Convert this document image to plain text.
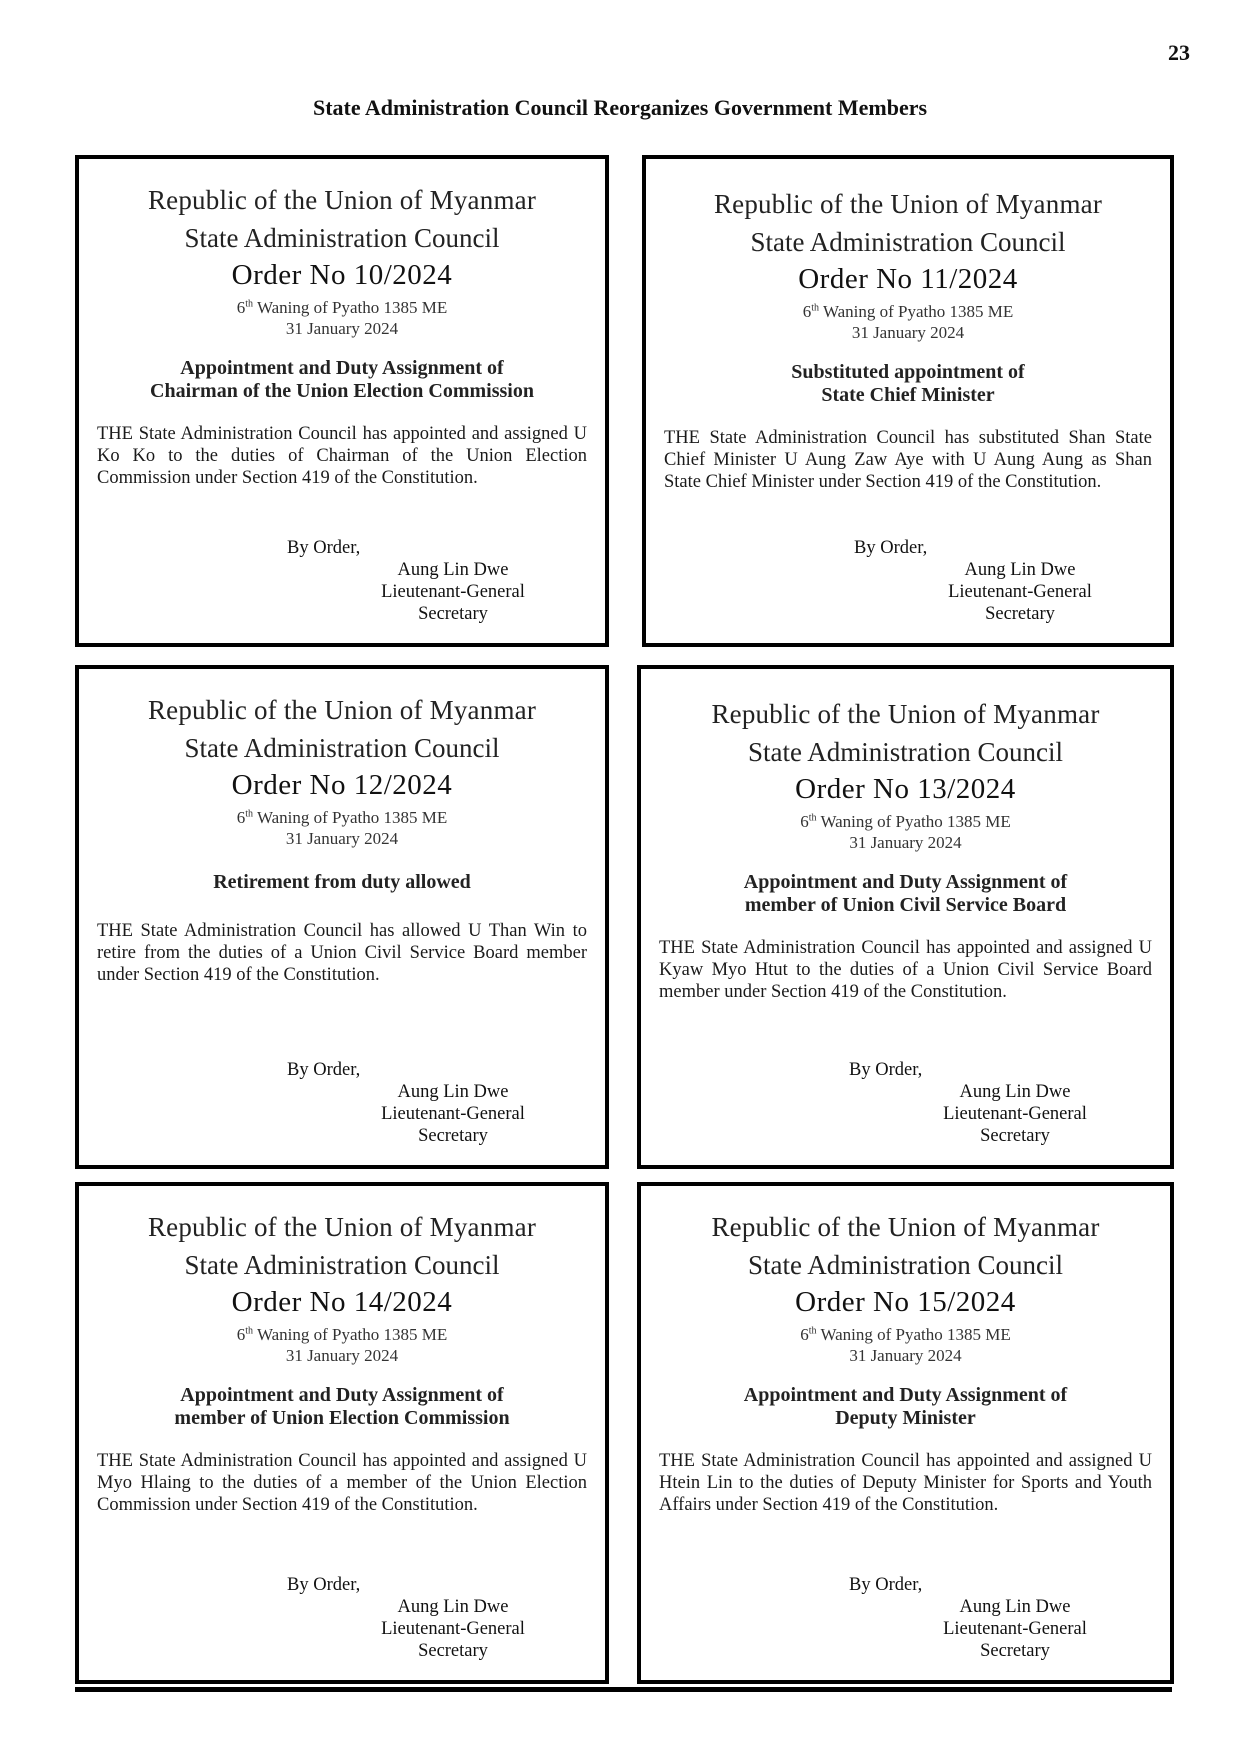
23
State Administration Council Reorganizes Government Members
Republic of the Union of Myanmar
State Administration Council
Order No 10/2024
6th Waning of Pyatho 1385 ME
31 January 2024
Appointment and Duty Assignment of
Chairman of the Union Election Commission
THE State Administration Council has appointed and assigned U Ko Ko to the duties of Chairman of the Union Election Commission under Section 419 of the Constitution.
By Order,
Aung Lin Dwe
Lieutenant-General
Secretary
Republic of the Union of Myanmar
State Administration Council
Order No 11/2024
6th Waning of Pyatho 1385 ME
31 January 2024
Substituted appointment of
State Chief Minister
THE State Administration Council has substituted Shan State Chief Minister U Aung Zaw Aye with U Aung Aung as Shan State Chief Minister under Section 419 of the Constitution.
By Order,
Aung Lin Dwe
Lieutenant-General
Secretary
Republic of the Union of Myanmar
State Administration Council
Order No 12/2024
6th Waning of Pyatho 1385 ME
31 January 2024
Retirement from duty allowed
THE State Administration Council has allowed U Than Win to retire from the duties of a Union Civil Service Board member under Section 419 of the Constitution.
By Order,
Aung Lin Dwe
Lieutenant-General
Secretary
Republic of the Union of Myanmar
State Administration Council
Order No 13/2024
6th Waning of Pyatho 1385 ME
31 January 2024
Appointment and Duty Assignment of
member of Union Civil Service Board
THE State Administration Council has appointed and assigned U Kyaw Myo Htut to the duties of a Union Civil Service Board member under Section 419 of the Constitution.
By Order,
Aung Lin Dwe
Lieutenant-General
Secretary
Republic of the Union of Myanmar
State Administration Council
Order No 14/2024
6th Waning of Pyatho 1385 ME
31 January 2024
Appointment and Duty Assignment of
member of Union Election Commission
THE State Administration Council has appointed and assigned U Myo Hlaing to the duties of a member of the Union Election Commission under Section 419 of the Constitution.
By Order,
Aung Lin Dwe
Lieutenant-General
Secretary
Republic of the Union of Myanmar
State Administration Council
Order No 15/2024
6th Waning of Pyatho 1385 ME
31 January 2024
Appointment and Duty Assignment of
Deputy Minister
THE State Administration Council has appointed and assigned U Htein Lin to the duties of Deputy Minister for Sports and Youth Affairs under Section 419 of the Constitution.
By Order,
Aung Lin Dwe
Lieutenant-General
Secretary
